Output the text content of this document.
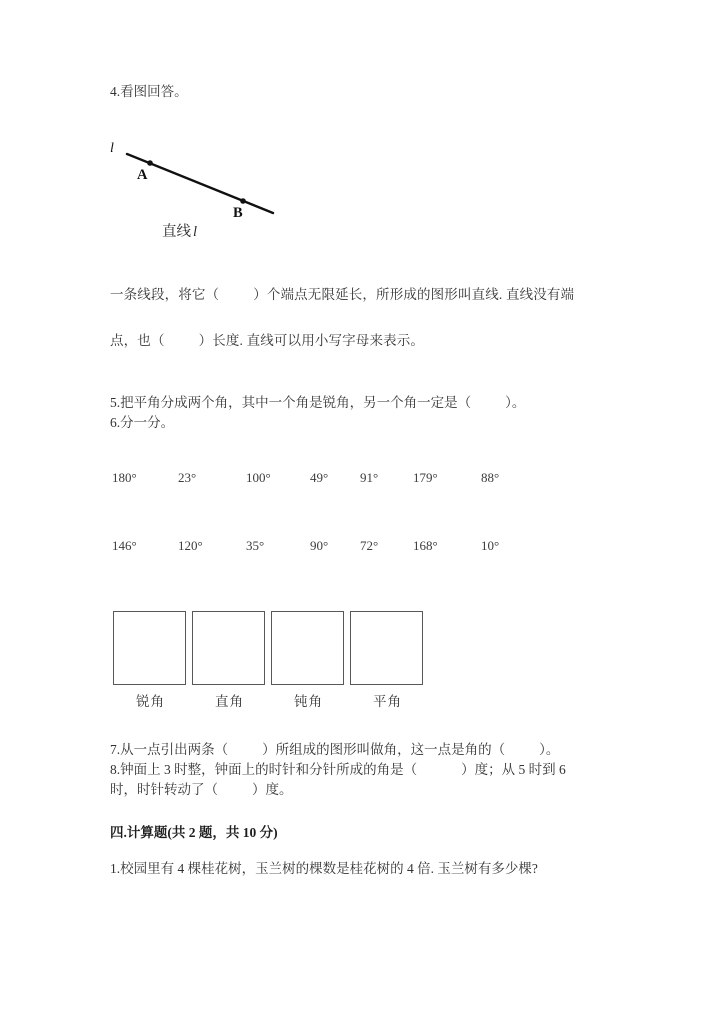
4.看图回答。
l
A
B
直线 l
一条线段，将它（	）个端点无限延长，所形成的图形叫直线. 直线没有端
点，也（	）长度. 直线可以用小写字母来表示。
5.把平角分成两个角，其中一个角是锐角，另一个角一定是（	）。
6.分一分。
180°	23°	100°	49° 91°	179°	88°
146°	120°	35°	90° 72°	168°	10°
锐角	直角	钝角	平角
7.从一点引出两条（	）所组成的图形叫做角，这一点是角的（	）。
8.钟面上 3 时整，钟面上的时针和分针所成的角是（	）度；从 5 时到 6
时，时针转动了（	）度。
四.计算题(共 2 题，共 10 分)
1.校园里有 4 棵桂花树，玉兰树的棵数是桂花树的 4 倍. 玉兰树有多少棵?
